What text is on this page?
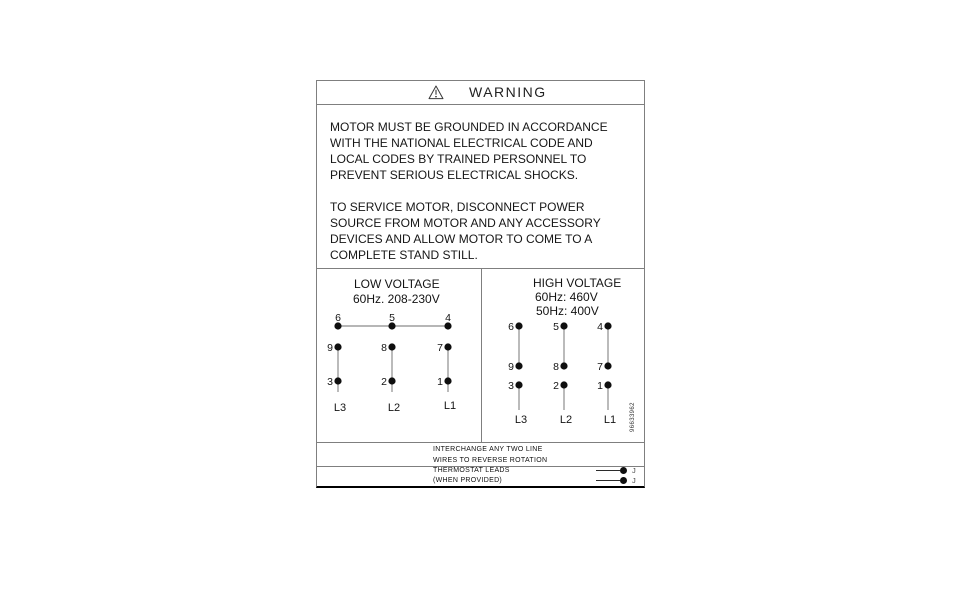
WARNING
MOTOR MUST BE GROUNDED IN ACCORDANCE
WITH THE NATIONAL ELECTRICAL CODE AND
LOCAL CODES BY TRAINED PERSONNEL TO
PREVENT SERIOUS ELECTRICAL SHOCKS.
TO SERVICE MOTOR, DISCONNECT POWER
SOURCE FROM MOTOR AND ANY ACCESSORY
DEVICES AND ALLOW MOTOR TO COME TO A
COMPLETE STAND STILL.
LOW VOLTAGE
60Hz. 208-230V
6	5	4
9	8	7
3	2	1
L3	L2	L1
HIGH VOLTAGE
60Hz: 460V
50Hz: 400V
6	5	4
9	8	7
3	2	1
L3	L2	L1 96633962
INTERCHANGE ANY TWO LINE
WIRES TO REVERSE ROTATION
THERMOSTAT LEADS
(WHEN PROVIDED)
J
J
